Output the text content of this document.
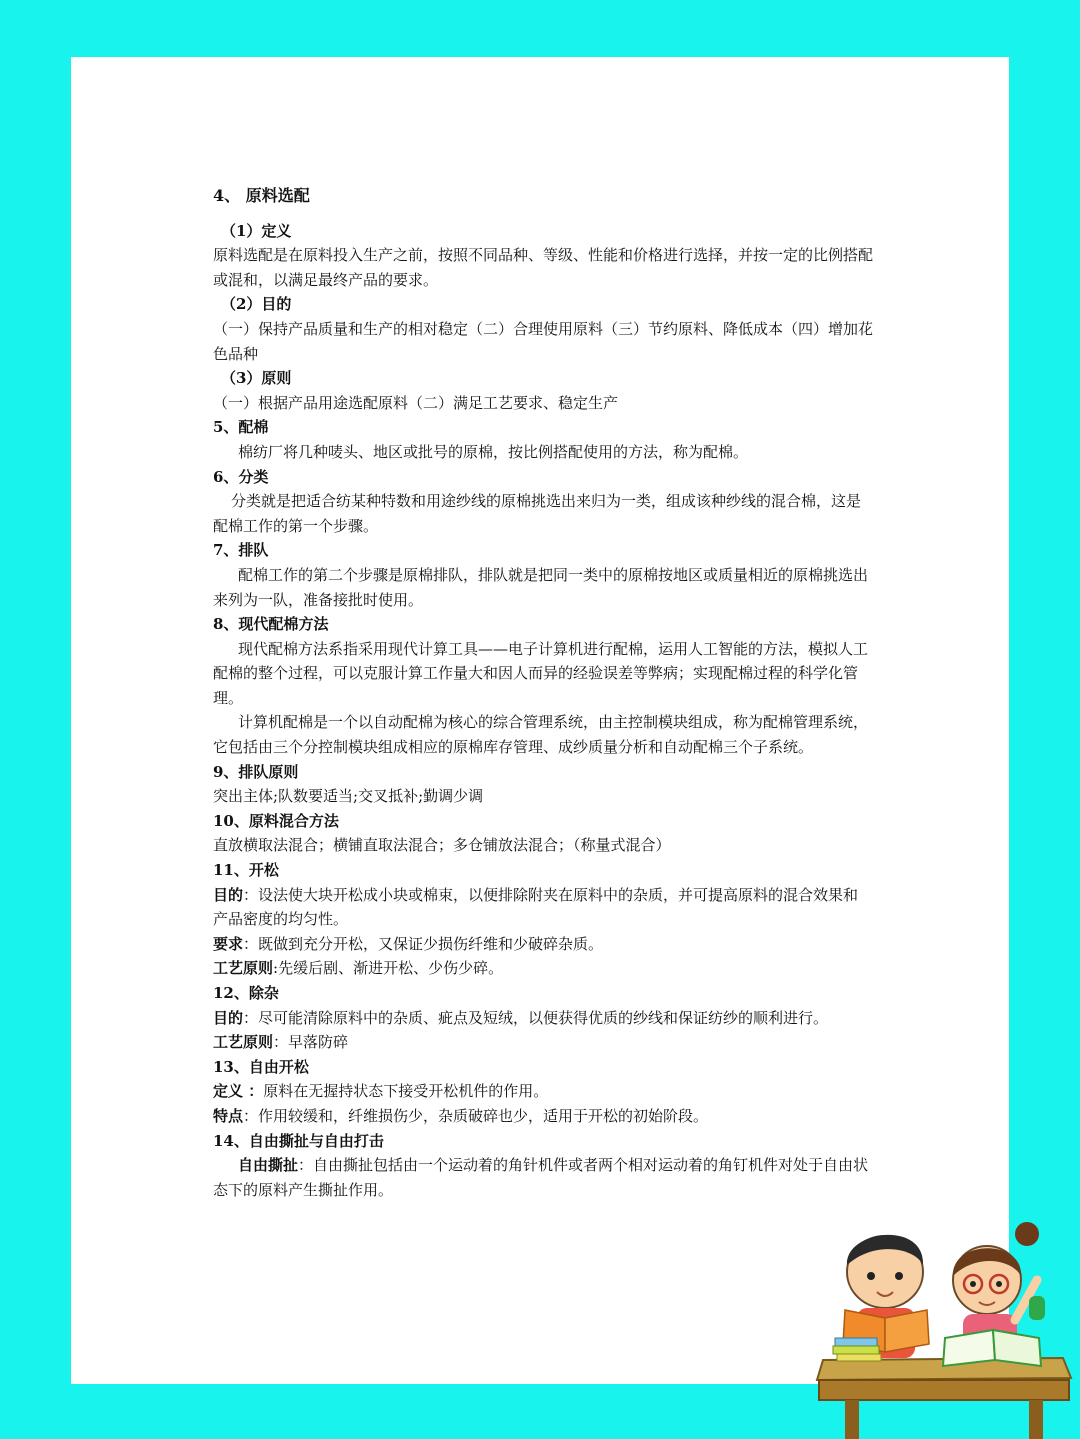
4、 原料选配

（1）定义

原料选配是在原料投入生产之前，按照不同品种、等级、性能和价格进行选择，并按一定的比例搭配或混和，以满足最终产品的要求。

（2）目的

（一）保持产品质量和生产的相对稳定（二）合理使用原料（三）节约原料、降低成本（四）增加花色品种

（3）原则

（一）根据产品用途选配原料（二）满足工艺要求、稳定生产

5、配棉

棉纺厂将几种唛头、地区或批号的原棉，按比例搭配使用的方法，称为配棉。

6、分类

分类就是把适合纺某种特数和用途纱线的原棉挑选出来归为一类，组成该种纱线的混合棉，这是配棉工作的第一个步骤。

7、排队

配棉工作的第二个步骤是原棉排队，排队就是把同一类中的原棉按地区或质量相近的原棉挑选出来列为一队，准备接批时使用。

8、现代配棉方法

现代配棉方法系指采用现代计算工具——电子计算机进行配棉，运用人工智能的方法，模拟人工配棉的整个过程，可以克服计算工作量大和因人而异的经验误差等弊病；实现配棉过程的科学化管理。

计算机配棉是一个以自动配棉为核心的综合管理系统，由主控制模块组成，称为配棉管理系统，它包括由三个分控制模块组成相应的原棉库存管理、成纱质量分析和自动配棉三个子系统。

9、排队原则

突出主体;队数要适当;交叉抵补;勤调少调

10、原料混合方法

直放横取法混合；横铺直取法混合；多仓铺放法混合；（称量式混合）

11、开松

目的：设法使大块开松成小块或棉束，以便排除附夹在原料中的杂质，并可提高原料的混合效果和产品密度的均匀性。

要求：既做到充分开松，又保证少损伤纤维和少破碎杂质。

工艺原则:先缓后剧、渐进开松、少伤少碎。

12、除杂

目的：尽可能清除原料中的杂质、疵点及短绒，以便获得优质的纱线和保证纺纱的顺利进行。

工艺原则：早落防碎

13、自由开松

定义 ：原料在无握持状态下接受开松机件的作用。

特点：作用较缓和，纤维损伤少，杂质破碎也少，适用于开松的初始阶段。

14、自由撕扯与自由打击

自由撕扯：自由撕扯包括由一个运动着的角针机件或者两个相对运动着的角钉机件对处于自由状态下的原料产生撕扯作用。
